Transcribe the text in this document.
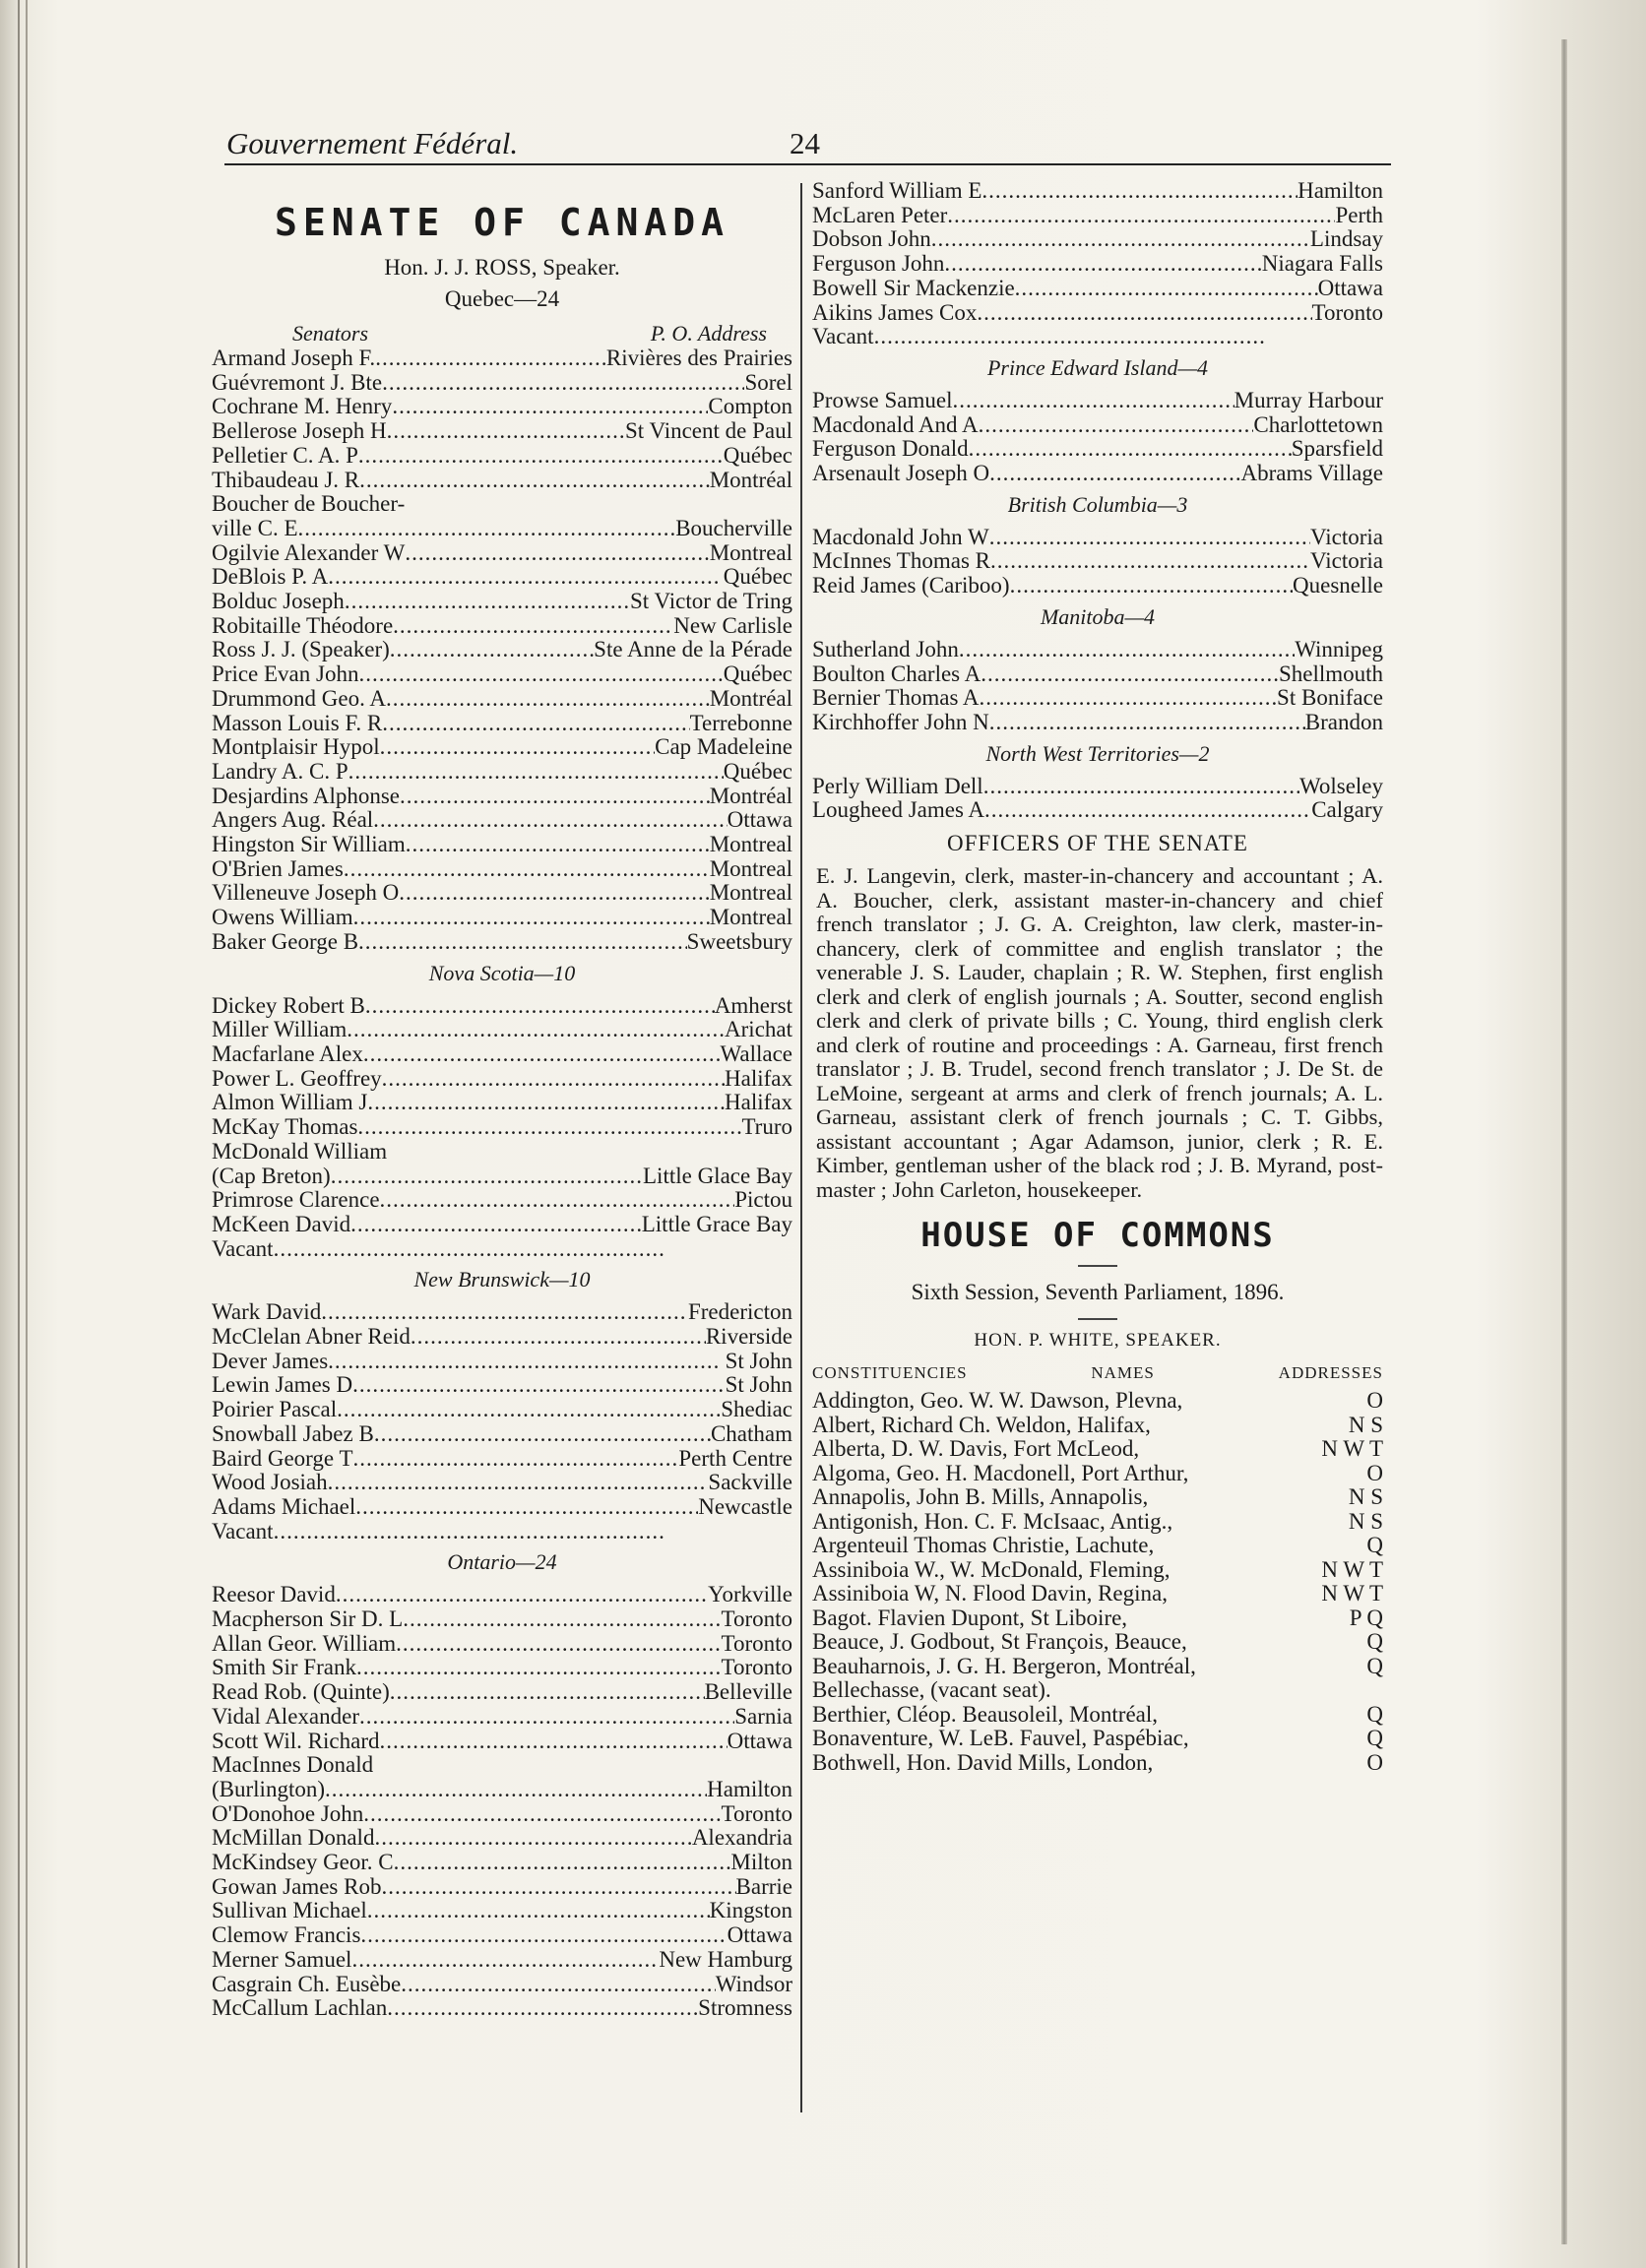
Gouvernement Fédéral.	24
SENATE OF CANADA
Hon. J. J. ROSS, Speaker.
Quebec—24
Senators	P. O. Address
Armand Joseph F. .....	Rivières des Prairies
Guévremont J. Bte .....	Sorel
Cochrane M. Henry .....	Compton
Bellerose Joseph H .....	St Vincent de Paul
Pelletier C. A. P .....	Québec
Thibaudeau J. R .....	Montréal
Boucher de Boucher-
ville C. E .....	Boucherville
Ogilvie Alexander W .....	Montreal
DeBlois P. A .....	Québec
Bolduc Joseph .....	St Victor de Tring
Robitaille Théodore .....	New Carlisle
Ross J. J. (Speaker) .....	Ste Anne de la Pérade
Price Evan John .....	Québec
Drummond Geo. A .....	Montréal
Masson Louis F. R .....	Terrebonne
Montplaisir Hypol .....	Cap Madeleine
Landry A. C. P .....	Québec
Desjardins Alphonse .....	Montréal
Angers Aug. Réal .....	Ottawa
Hingston Sir William .....	Montreal
O'Brien James .....	Montreal
Villeneuve Joseph O .....	Montreal
Owens William .....	Montreal
Baker George B .....	Sweetsbury
Nova Scotia—10
Dickey Robert B .....	Amherst
Miller William .....	Arichat
Macfarlane Alex .....	Wallace
Power L. Geoffrey .....	Halifax
Almon William J .....	Halifax
McKay Thomas .....	Truro
McDonald William
(Cap Breton) .....	Little Glace Bay
Primrose Clarence .....	Pictou
McKeen David .....	Little Grace Bay
Vacant
.....
New Brunswick—10
Wark David .....	Fredericton
McClelan Abner Reid .....	Riverside
Dever James .....	St John
Lewin James D .....	St John
Poirier Pascal .....	Shediac
Snowball Jabez B .....	Chatham
Baird George T .....	Perth Centre
Wood Josiah .....	Sackville
Adams Michael .....	Newcastle
Vacant
.....
Ontario—24
Reesor David .....	Yorkville
Macpherson Sir D. L .....	Toronto
Allan Geor. William .....	Toronto
Smith Sir Frank .....	Toronto
Read Rob. (Quinte) .....	Belleville
Vidal Alexander .....	Sarnia
Scott Wil. Richard .....	Ottawa
MacInnes Donald
(Burlington) .....	Hamilton
O'Donohoe John .....	Toronto
McMillan Donald .....	Alexandria
McKindsey Geor. C .....	Milton
Gowan James Rob .....	Barrie
Sullivan Michael .....	Kingston
Clemow Francis .....	Ottawa
Merner Samuel .....	New Hamburg
Casgrain Ch. Eusèbe .....	Windsor
McCallum Lachlan .....	Stromness
Sanford William E .....	Hamilton
McLaren Peter .....	Perth
Dobson John .....	Lindsay
Ferguson John .....	Niagara Falls
Bowell Sir Mackenzie .....	Ottawa
Aikins James Cox .....	Toronto
Vacant
.....
Prince Edward Island—4
Prowse Samuel .....	Murray Harbour
Macdonald And A .....	Charlottetown
Ferguson Donald .....	Sparsfield
Arsenault Joseph O .....	Abrams Village
British Columbia—3
Macdonald John W .....	Victoria
McInnes Thomas R .....	Victoria
Reid James (Cariboo) .....	Quesnelle
Manitoba—4
Sutherland John .....	Winnipeg
Boulton Charles A .....	Shellmouth
Bernier Thomas A .....	St Boniface
Kirchhoffer John N .....	Brandon
North West Territories—2
Perly William Dell .....	Wolseley
Lougheed James A .....	Calgary
OFFICERS OF THE SENATE
E. J. Langevin, clerk, master-in-chancery and accountant ; A. A. Boucher, clerk, assistant master-in-chancery and chief french translator ; J. G. A. Creighton, law clerk, master-in-chancery, clerk of committee and english translator ; the venerable J. S. Lauder, chaplain ; R. W. Stephen, first english clerk and clerk of english journals ; A. Soutter, second english clerk and clerk of private bills ; C. Young, third english clerk and clerk of routine and proceedings : A. Garneau, first french translator ; J. B. Trudel, second french translator ; J. De St. de LeMoine, sergeant at arms and clerk of french journals; A. L. Garneau, assistant clerk of french journals ; C. T. Gibbs, assistant accountant ; Agar Adamson, junior, clerk ; R. E. Kimber, gentleman usher of the black rod ; J. B. Myrand, post-master ; John Carleton, housekeeper.
HOUSE OF COMMONS
Sixth Session, Seventh Parliament, 1896.
HON. P. WHITE, SPEAKER.
CONSTITUENCIES	NAMES	ADDRESSES
Addington, Geo. W. W. Dawson, Plevna,	O
Albert, Richard Ch. Weldon, Halifax,	N S
Alberta, D. W. Davis, Fort McLeod,	N W T
Algoma, Geo. H. Macdonell, Port Arthur,	O
Annapolis, John B. Mills, Annapolis,	N S
Antigonish, Hon. C. F. McIsaac, Antig.,	N S
Argenteuil Thomas Christie, Lachute,	Q
Assiniboia W., W. McDonald, Fleming,	N W T
Assiniboia W, N. Flood Davin, Regina,	N W T
Bagot. Flavien Dupont, St Liboire,	P Q
Beauce, J. Godbout, St François, Beauce,	Q
Beauharnois, J. G. H. Bergeron, Montréal,	Q
Bellechasse, (vacant seat).
Berthier, Cléop. Beausoleil, Montréal,	Q
Bonaventure, W. LeB. Fauvel, Paspébiac,	Q
Bothwell, Hon. David Mills, London,	O
